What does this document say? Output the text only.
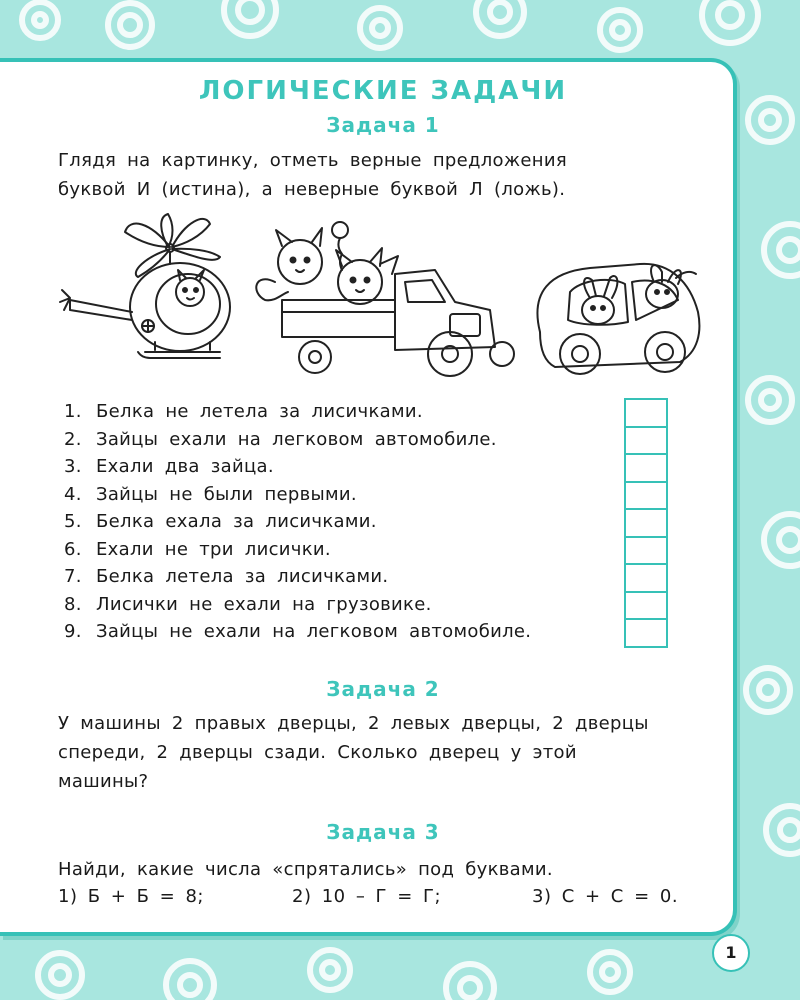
ЛОГИЧЕСКИЕ ЗАДАЧИ
Задача 1
Глядя на картинку, отметь верные предложения
буквой И (истина), а неверные буквой Л (ложь).
1. Белка не летела за лисичками.
2. Зайцы ехали на легковом автомобиле.
3. Ехали два зайца.
4. Зайцы не были первыми.
5. Белка ехала за лисичками.
6. Ехали не три лисички.
7. Белка летела за лисичками.
8. Лисички не ехали на грузовике.
9. Зайцы не ехали на легковом автомобиле.
Задача 2
У машины 2 правых дверцы, 2 левых дверцы, 2 дверцы
спереди, 2 дверцы сзади. Сколько дверец у этой
машины?
Задача 3
Найди, какие числа «спрятались» под буквами.
1) Б + Б = 8;	2) 10 – Г = Г;	3) С + С = 0.
1
